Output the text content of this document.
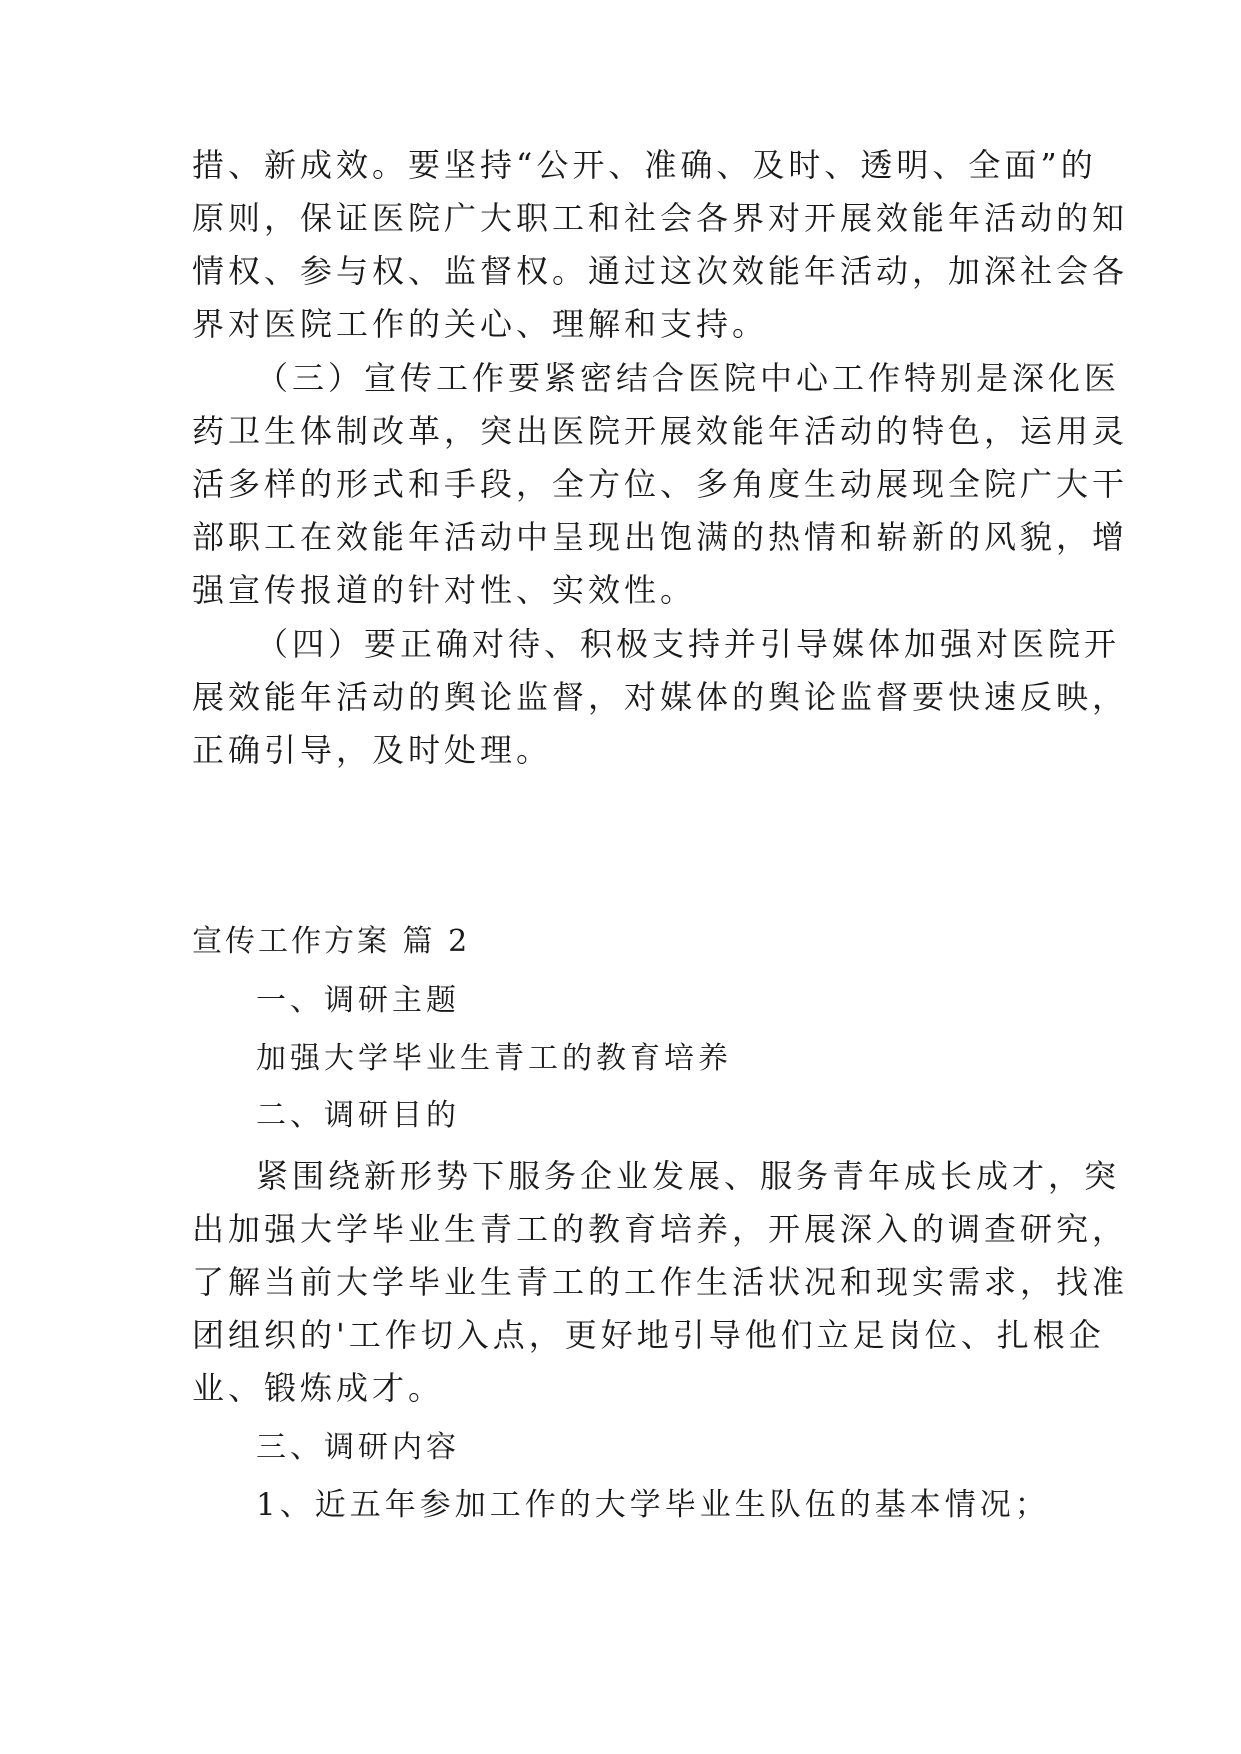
措、新成效。要坚持“公开、准确、及时、透明、全面”的
原则，保证医院广大职工和社会各界对开展效能年活动的知
情权、参与权、监督权。通过这次效能年活动，加深社会各
界对医院工作的关心、理解和支持。
（三）宣传工作要紧密结合医院中心工作特别是深化医
药卫生体制改革，突出医院开展效能年活动的特色，运用灵
活多样的形式和手段，全方位、多角度生动展现全院广大干
部职工在效能年活动中呈现出饱满的热情和崭新的风貌，增
强宣传报道的针对性、实效性。
（四）要正确对待、积极支持并引导媒体加强对医院开
展效能年活动的舆论监督，对媒体的舆论监督要快速反映，
正确引导，及时处理。
宣传工作方案 篇 2
一、调研主题
加强大学毕业生青工的教育培养
二、调研目的
紧围绕新形势下服务企业发展、服务青年成长成才，突
出加强大学毕业生青工的教育培养，开展深入的调查研究，
了解当前大学毕业生青工的工作生活状况和现实需求，找准
团组织的'工作切入点，更好地引导他们立足岗位、扎根企
业、锻炼成才。
三、调研内容
1、近五年参加工作的大学毕业生队伍的基本情况；
